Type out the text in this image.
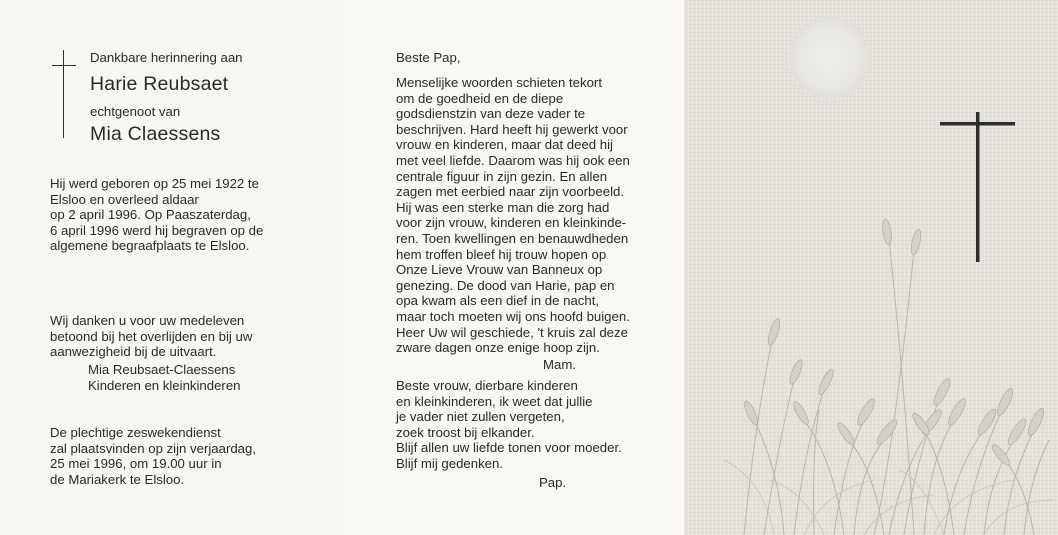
Dankbare herinnering aan
Harie Reubsaet
echtgenoot van
Mia Claessens

Hij werd geboren op 25 mei 1922 te
Elsloo en overleed aldaar
op 2 april 1996. Op Paaszaterdag,
6 april 1996 werd hij begraven op de
algemene begraafplaats te Elsloo.

Wij danken u voor uw medeleven
betoond bij het overlijden en bij uw
aanwezigheid bij de uitvaart.

Mia Reubsaet-Claessens
Kinderen en kleinkinderen

De plechtige zeswekendienst
zal plaatsvinden op zijn verjaardag,
25 mei 1996, om 19.00 uur in
de Mariakerk te Elsloo.

Beste Pap,

Menselijke woorden schieten tekort
om de goedheid en de diepe
godsdienstzin van deze vader te
beschrijven. Hard heeft hij gewerkt voor
vrouw en kinderen, maar dat deed hij
met veel liefde. Daarom was hij ook een
centrale figuur in zijn gezin. En allen
zagen met eerbied naar zijn voorbeeld.
Hij was een sterke man die zorg had
voor zijn vrouw, kinderen en kleinkinde-
ren. Toen kwellingen en benauwdheden
hem troffen bleef hij trouw hopen op
Onze Lieve Vrouw van Banneux op
genezing. De dood van Harie, pap en
opa kwam als een dief in de nacht,
maar toch moeten wij ons hoofd buigen.
Heer Uw wil geschiede, 't kruis zal deze
zware dagen onze enige hoop zijn.

Mam.

Beste vrouw, dierbare kinderen
en kleinkinderen, ik weet dat jullie
je vader niet zullen vergeten,
zoek troost bij elkander.
Blijf allen uw liefde tonen voor moeder.
Blijf mij gedenken.

Pap.
